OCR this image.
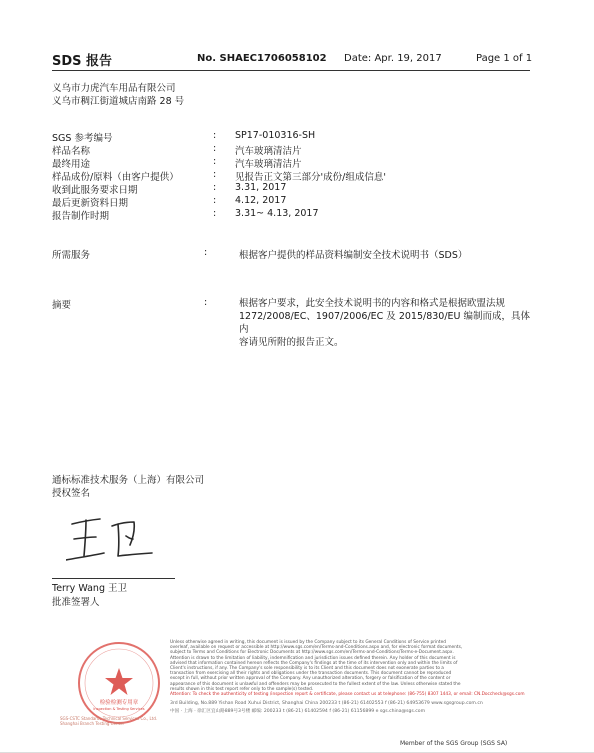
SDS 报告	No. SHAEC1706058102 Date: Apr. 19, 2017	Page 1 of 1
义乌市力虎汽车用品有限公司
义乌市稠江街道城店南路 28 号
SGS 参考编号	: SP17-010316-SH
样品名称	: 汽车玻璃清洁片
最终用途	: 汽车玻璃清洁片
样品成份/原料（由客户提供）	: 见报告正文第三部分'成份/组成信息'
收到此服务要求日期	: 3.31, 2017
最后更新资料日期	: 4.12, 2017
报告制作时期	: 3.31~ 4.13, 2017
所需服务	:	根据客户提供的样品资料编制安全技术说明书（SDS）
摘要	:	根据客户要求，此安全技术说明书的内容和格式是根据欧盟法规
1272/2008/EC、1907/2006/EC 及 2015/830/EU 编制而成，具体内
容请见所附的报告正文。
通标标准技术服务（上海）有限公司
授权签名
Terry Wang 王卫
批准签署人
检验检测专用章
Inspection & Testing Services
SGS-CSTC Standards Technical Services Co., Ltd. Shanghai Branch Testing Center
Unless otherwise agreed in writing, this document is issued by the Company subject to its General Conditions of Service printed
overleaf, available on request or accessible at http://www.sgs.com/en/Terms-and-Conditions.aspx and, for electronic format documents,
subject to Terms and Conditions for Electronic Documents at http://www.sgs.com/en/Terms-and-Conditions/Terms-e-Document.aspx.
Attention is drawn to the limitation of liability, indemnification and jurisdiction issues defined therein. Any holder of this document is
advised that information contained hereon reflects the Company's findings at the time of its intervention only and within the limits of
Client's instructions, if any. The Company's sole responsibility is to its Client and this document does not exonerate parties to a
transaction from exercising all their rights and obligations under the transaction documents. This document cannot be reproduced
except in full, without prior written approval of the Company. Any unauthorized alteration, forgery or falsification of the content or
appearance of this document is unlawful and offenders may be prosecuted to the fullest extent of the law. Unless otherwise stated the
results shown in this test report refer only to the sample(s) tested.
Attention: To check the authenticity of testing /inspection report & certificate, please contact us at telephone: (86-755) 8307 1443, or email: CN.Doccheck@sgs.com
3rd Building, No.889 Yishan Road Xuhui District, Shanghai China 200233 t (86-21) 61402553 f (86-21) 64953679 www.sgsgroup.com.cn
中国 · 上海 · 徐汇区宜山路889号3号楼 邮编: 200233 t (86-21) 61402594 f (86-21) 61156899 e sgs.china@sgs.com
Member of the SGS Group (SGS SA)
